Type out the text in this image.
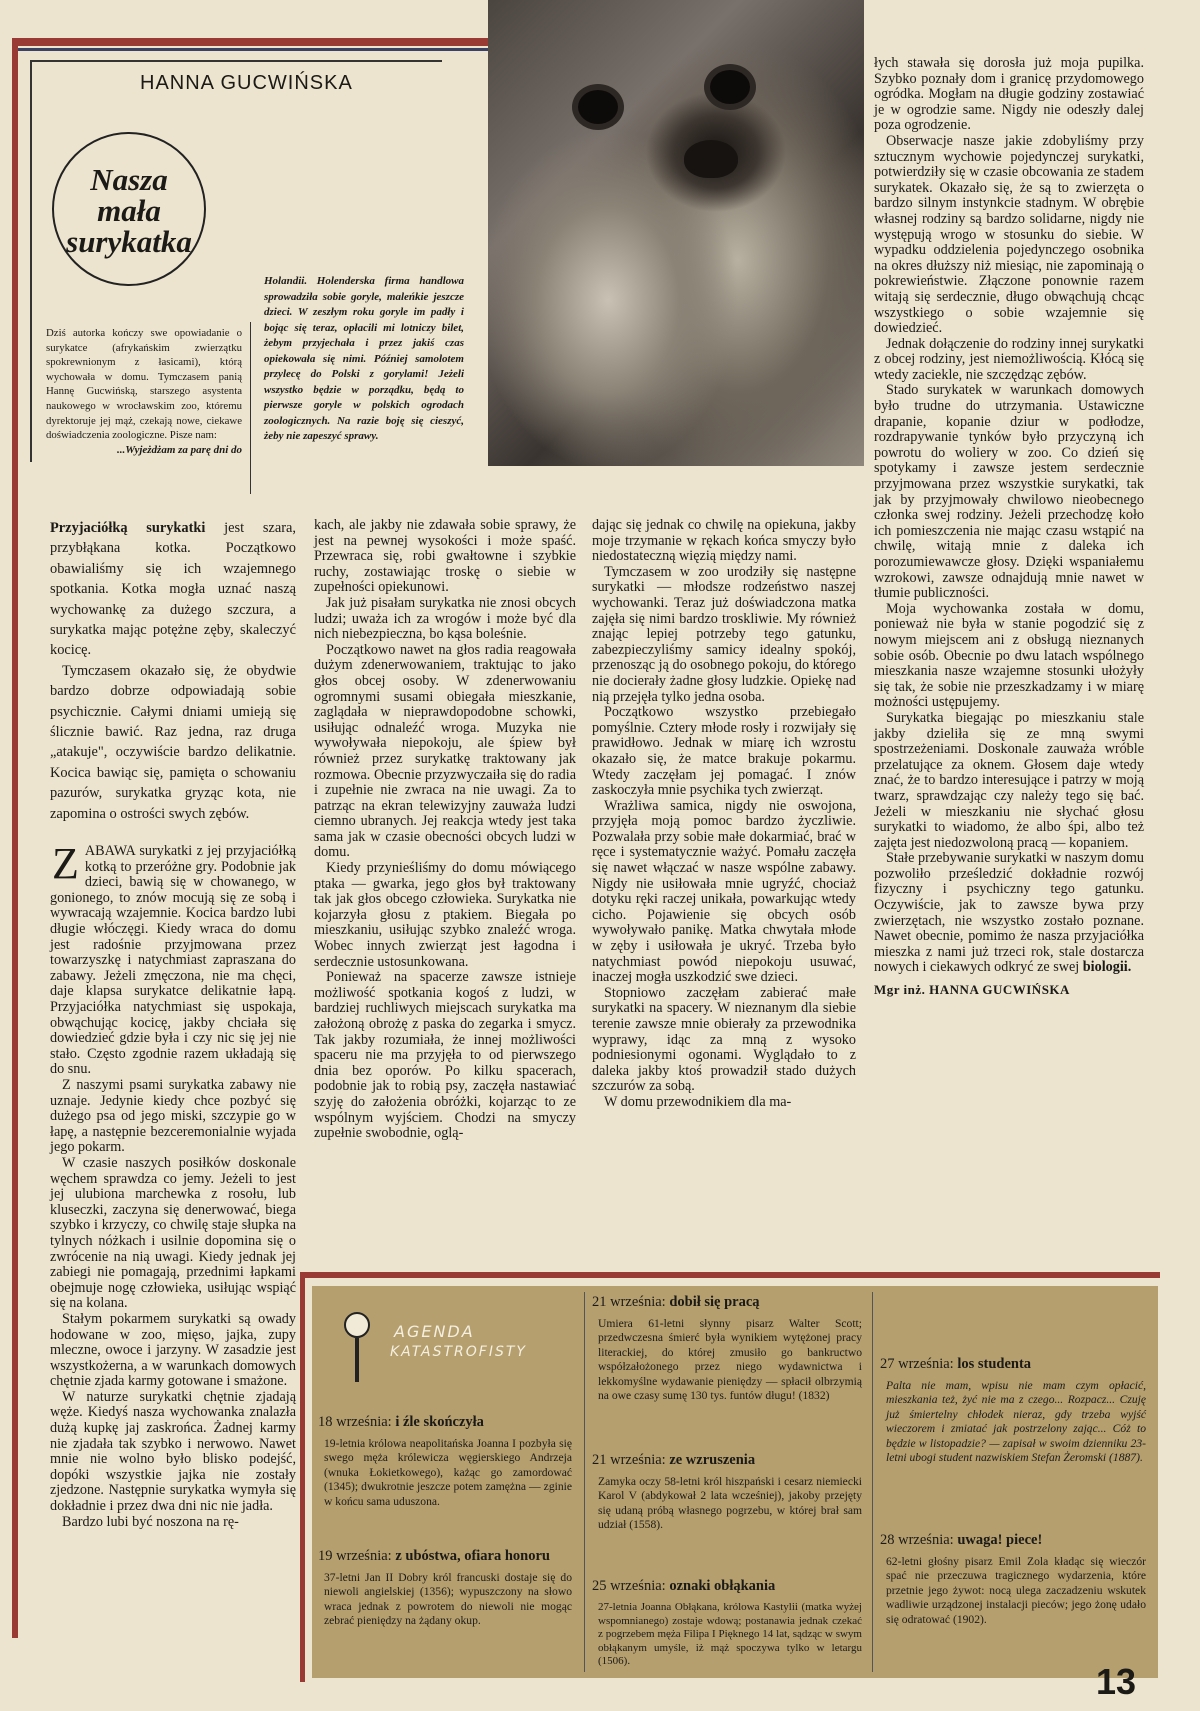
HANNA GUCWIŃSKA
Nasza
mała
surykatka

Dziś autorka kończy swe opowiadanie o surykatce (afrykańskim zwierzątku spokrewnionym z łasicami), którą wychowała w domu. Tymczasem panią Hannę Gucwińską, starszego asystenta naukowego w wrocławskim zoo, któremu dyrektoruje jej mąż, czekają nowe, ciekawe doświadczenia zoologiczne. Pisze nam:

...Wyjeżdżam za parę dni do

Holandii. Holenderska firma handlowa sprowadziła sobie goryle, maleńkie jeszcze dzieci. W zeszłym roku goryle im padły i bojąc się teraz, opłacili mi lotniczy bilet, żebym przyjechała i przez jakiś czas opiekowała się nimi. Później samolotem przylecę do Polski z gorylami! Jeżeli wszystko będzie w porządku, będą to pierwsze goryle w polskich ogrodach zoologicznych. Na razie boję się cieszyć, żeby nie zapeszyć sprawy.

Przyjaciółką surykatki jest szara, przybłąkana kotka. Początkowo obawialiśmy się ich wzajemnego spotkania. Kotka mogła uznać naszą wychowankę za dużego szczura, a surykatka mając potężne zęby, skaleczyć kocicę.

Tymczasem okazało się, że obydwie bardzo dobrze odpowiadają sobie psychicznie. Całymi dniami umieją się ślicznie bawić. Raz jedna, raz druga „atakuje", oczywiście bardzo delikatnie. Kocica bawiąc się, pamięta o schowaniu pazurów, surykatka gryząc kota, nie zapomina o ostrości swych zębów.

ZABAWA surykatki z jej przyjaciółką kotką to przeróżne gry. Podobnie jak dzieci, bawią się w chowanego, w gonionego, to znów mocują się ze sobą i wywracają wzajemnie. Kocica bardzo lubi długie włóczęgi. Kiedy wraca do domu jest radośnie przyjmowana przez towarzyszkę i natychmiast zapraszana do zabawy. Jeżeli zmęczona, nie ma chęci, daje klapsa surykatce delikatnie łapą. Przyjaciółka natychmiast się uspokaja, obwąchując kocicę, jakby chciała się dowiedzieć gdzie była i czy nic się jej nie stało. Często zgodnie razem układają się do snu.

Z naszymi psami surykatka zabawy nie uznaje. Jedynie kiedy chce pozbyć się dużego psa od jego miski, szczypie go w łapę, a następnie bezceremonialnie wyjada jego pokarm.

W czasie naszych posiłków doskonale węchem sprawdza co jemy. Jeżeli to jest jej ulubiona marchewka z rosołu, lub kluseczki, zaczyna się denerwować, biega szybko i krzyczy, co chwilę staje słupka na tylnych nóżkach i usilnie dopomina się o zwrócenie na nią uwagi. Kiedy jednak jej zabiegi nie pomagają, przednimi łapkami obejmuje nogę człowieka, usiłując wspiąć się na kolana.

Stałym pokarmem surykatki są owady hodowane w zoo, mięso, jajka, zupy mleczne, owoce i jarzyny. W zasadzie jest wszystkożerna, a w warunkach domowych chętnie zjada karmy gotowane i smażone.

W naturze surykatki chętnie zjadają węże. Kiedyś nasza wychowanka znalazła dużą kupkę jaj zaskrońca. Żadnej karmy nie zjadała tak szybko i nerwowo. Nawet mnie nie wolno było blisko podejść, dopóki wszystkie jajka nie zostały zjedzone. Następnie surykatka wymyła się dokładnie i przez dwa dni nic nie jadła.

Bardzo lubi być noszona na rę-

kach, ale jakby nie zdawała sobie sprawy, że jest na pewnej wysokości i może spaść. Przewraca się, robi gwałtowne i szybkie ruchy, zostawiając troskę o siebie w zupełności opiekunowi.

Jak już pisałam surykatka nie znosi obcych ludzi; uważa ich za wrogów i może być dla nich niebezpieczna, bo kąsa boleśnie.

Początkowo nawet na głos radia reagowała dużym zdenerwowaniem, traktując to jako głos obcej osoby. W zdenerwowaniu ogromnymi susami obiegała mieszkanie, zaglądała w nieprawdopodobne schowki, usiłując odnaleźć wroga. Muzyka nie wywoływała niepokoju, ale śpiew był również przez surykatkę traktowany jak rozmowa. Obecnie przyzwyczaiła się do radia i zupełnie nie zwraca na nie uwagi. Za to patrząc na ekran telewizyjny zauważa ludzi ciemno ubranych. Jej reakcja wtedy jest taka sama jak w czasie obecności obcych ludzi w domu.

Kiedy przynieśliśmy do domu mówiącego ptaka — gwarka, jego głos był traktowany tak jak głos obcego człowieka. Surykatka nie kojarzyła głosu z ptakiem. Biegała po mieszkaniu, usiłując szybko znaleźć wroga. Wobec innych zwierząt jest łagodna i serdecznie ustosunkowana.

Ponieważ na spacerze zawsze istnieje możliwość spotkania kogoś z ludzi, w bardziej ruchliwych miejscach surykatka ma założoną obrożę z paska do zegarka i smycz. Tak jakby rozumiała, że innej możliwości spaceru nie ma przyjęła to od pierwszego dnia bez oporów. Po kilku spacerach, podobnie jak to robią psy, zaczęła nastawiać szyję do założenia obróżki, kojarząc to ze wspólnym wyjściem. Chodzi na smyczy zupełnie swobodnie, oglą-

dając się jednak co chwilę na opiekuna, jakby moje trzymanie w rękach końca smyczy było niedostateczną więzią między nami.

Tymczasem w zoo urodziły się następne surykatki — młodsze rodzeństwo naszej wychowanki. Teraz już doświadczona matka zajęła się nimi bardzo troskliwie. My również znając lepiej potrzeby tego gatunku, zabezpieczyliśmy samicy idealny spokój, przenosząc ją do osobnego pokoju, do którego nie docierały żadne głosy ludzkie. Opiekę nad nią przejęła tylko jedna osoba.

Początkowo wszystko przebiegało pomyślnie. Cztery młode rosły i rozwijały się prawidłowo. Jednak w miarę ich wzrostu okazało się, że matce brakuje pokarmu. Wtedy zaczęłam jej pomagać. I znów zaskoczyła mnie psychika tych zwierząt.

Wrażliwa samica, nigdy nie oswojona, przyjęła moją pomoc bardzo życzliwie. Pozwalała przy sobie małe dokarmiać, brać w ręce i systematycznie ważyć. Pomału zaczęła się nawet włączać w nasze wspólne zabawy. Nigdy nie usiłowała mnie ugryźć, chociaż dotyku ręki raczej unikała, powarkując wtedy cicho. Pojawienie się obcych osób wywoływało panikę. Matka chwytała młode w zęby i usiłowała je ukryć. Trzeba było natychmiast powód niepokoju usuwać, inaczej mogła uszkodzić swe dzieci.

Stopniowo zaczęłam zabierać małe surykatki na spacery. W nieznanym dla siebie terenie zawsze mnie obierały za przewodnika wyprawy, idąc za mną z wysoko podniesionymi ogonami. Wyglądało to z daleka jakby ktoś prowadził stado dużych szczurów za sobą.

W domu przewodnikiem dla ma-

łych stawała się dorosła już moja pupilka. Szybko poznały dom i granicę przydomowego ogródka. Mogłam na długie godziny zostawiać je w ogrodzie same. Nigdy nie odeszły dalej poza ogrodzenie.

Obserwacje nasze jakie zdobyliśmy przy sztucznym wychowie pojedynczej surykatki, potwierdziły się w czasie obcowania ze stadem surykatek. Okazało się, że są to zwierzęta o bardzo silnym instynkcie stadnym. W obrębie własnej rodziny są bardzo solidarne, nigdy nie występują wrogo w stosunku do siebie. W wypadku oddzielenia pojedynczego osobnika na okres dłuższy niż miesiąc, nie zapominają o pokrewieństwie. Złączone ponownie razem witają się serdecznie, długo obwąchują chcąc wszystkiego o sobie wzajemnie się dowiedzieć.

Jednak dołączenie do rodziny innej surykatki z obcej rodziny, jest niemożliwością. Kłócą się wtedy zaciekle, nie szczędząc zębów.

Stado surykatek w warunkach domowych było trudne do utrzymania. Ustawiczne drapanie, kopanie dziur w podłodze, rozdrapywanie tynków było przyczyną ich powrotu do woliery w zoo. Co dzień się spotykamy i zawsze jestem serdecznie przyjmowana przez wszystkie surykatki, tak jak by przyjmowały chwilowo nieobecnego członka swej rodziny. Jeżeli przechodzę koło ich pomieszczenia nie mając czasu wstąpić na chwilę, witają mnie z daleka ich porozumiewawcze głosy. Dzięki wspaniałemu wzrokowi, zawsze odnajdują mnie nawet w tłumie publiczności.

Moja wychowanka została w domu, ponieważ nie była w stanie pogodzić się z nowym miejscem ani z obsługą nieznanych sobie osób. Obecnie po dwu latach wspólnego mieszkania nasze wzajemne stosunki ułożyły się tak, że sobie nie przeszkadzamy i w miarę możności ustępujemy.

Surykatka biegając po mieszkaniu stale jakby dzieliła się ze mną swymi spostrzeżeniami. Doskonale zauważa wróble przelatujące za oknem. Głosem daje wtedy znać, że to bardzo interesujące i patrzy w moją twarz, sprawdzając czy należy tego się bać. Jeżeli w mieszkaniu nie słychać głosu surykatki to wiadomo, że albo śpi, albo też zajęta jest niedozwoloną pracą — kopaniem.

Stałe przebywanie surykatki w naszym domu pozwoliło prześledzić dokładnie rozwój fizyczny i psychiczny tego gatunku. Oczywiście, jak to zawsze bywa przy zwierzętach, nie wszystko zostało poznane. Nawet obecnie, pomimo że nasza przyjaciółka mieszka z nami już trzeci rok, stale dostarcza nowych i ciekawych odkryć ze swej biologii.

Mgr inż. HANNA GUCWIŃSKA

AGENDA
KATASTROFISTY
18 września: i źle skończyła

19-letnia królowa neapolitańska Joanna I pozbyła się swego męża królewicza węgierskiego Andrzeja (wnuka Łokietkowego), każąc go zamordować (1345); dwukrotnie jeszcze potem zamężna — zginie w końcu sama uduszona.

19 września: z ubóstwa, ofiara honoru

37-letni Jan II Dobry król francuski dostaje się do niewoli angielskiej (1356); wypuszczony na słowo wraca jednak z powrotem do niewoli nie mogąc zebrać pieniędzy na żądany okup.

21 września: dobił się pracą

Umiera 61-letni słynny pisarz Walter Scott; przedwczesna śmierć była wynikiem wytężonej pracy literackiej, do której zmusiło go bankructwo współzałożonego przez niego wydawnictwa i lekkomyślne wydawanie pieniędzy — spłacił olbrzymią na owe czasy sumę 130 tys. funtów długu! (1832)

21 września: ze wzruszenia

Zamyka oczy 58-letni król hiszpański i cesarz niemiecki Karol V (abdykował 2 lata wcześniej), jakoby przejęty się udaną próbą własnego pogrzebu, w której brał sam udział (1558).

25 września: oznaki obłąkania

27-letnia Joanna Obłąkana, królowa Kastylii (matka wyżej wspomnianego) zostaje wdową; postanawia jednak czekać z pogrzebem męża Filipa I Pięknego 14 lat, sądząc w swym obłąkanym umyśle, iż mąż spoczywa tylko w letargu (1506).

27 września: los studenta

Palta nie mam, wpisu nie mam czym opłacić, mieszkania też, żyć nie ma z czego... Rozpacz... Czuję już śmiertelny chłodek nieraz, gdy trzeba wyjść wieczorem i zmiatać jak postrzelony zając... Cóż to będzie w listopadzie? — zapisał w swoim dzienniku 23-letni ubogi student nazwiskiem Stefan Żeromski (1887).

28 września: uwaga! piece!

62-letni głośny pisarz Emil Zola kładąc się wieczór spać nie przeczuwa tragicznego wydarzenia, które przetnie jego żywot: nocą ulega zaczadzeniu wskutek wadliwie urządzonej instalacji pieców; jego żonę udało się odratować (1902).

13
